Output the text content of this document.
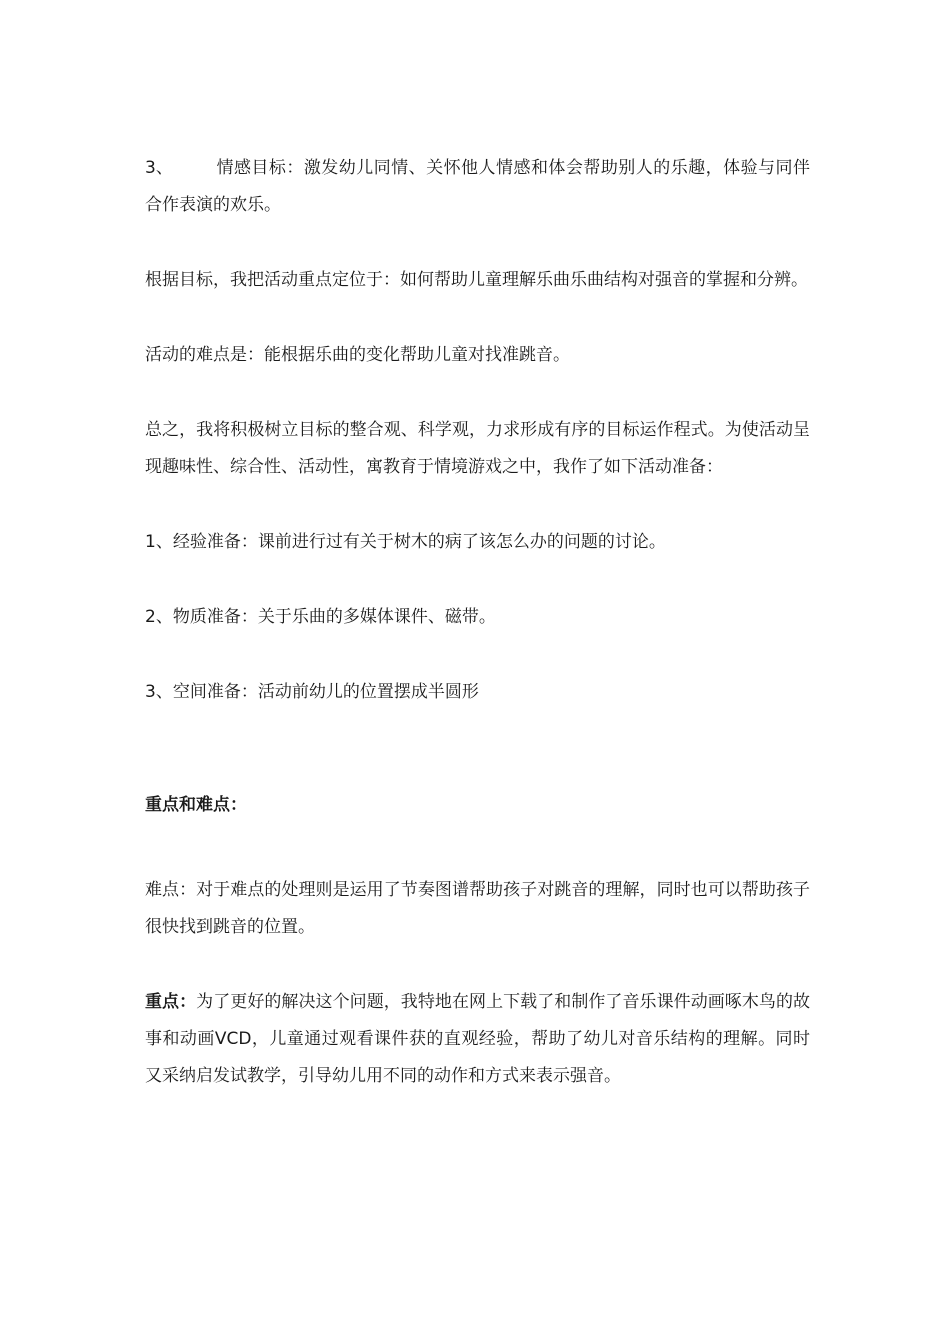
3、	情感目标：激发幼儿同情、关怀他人情感和体会帮助别人的乐趣，体验与同伴合作表演的欢乐。

根据目标，我把活动重点定位于：如何帮助儿童理解乐曲乐曲结构对强音的掌握和分辨。

活动的难点是：能根据乐曲的变化帮助儿童对找准跳音。

总之，我将积极树立目标的整合观、科学观，力求形成有序的目标运作程式。为使活动呈现趣味性、综合性、活动性，寓教育于情境游戏之中，我作了如下活动准备：

1、经验准备：课前进行过有关于树木的病了该怎么办的问题的讨论。

2、物质准备：关于乐曲的多媒体课件、磁带。

3、空间准备：活动前幼儿的位置摆成半圆形

重点和难点：

难点：对于难点的处理则是运用了节奏图谱帮助孩子对跳音的理解，同时也可以帮助孩子很快找到跳音的位置。

重点：为了更好的解决这个问题，我特地在网上下载了和制作了音乐课件动画啄木鸟的故事和动画VCD，儿童通过观看课件获的直观经验，帮助了幼儿对音乐结构的理解。同时又采纳启发试教学，引导幼儿用不同的动作和方式来表示强音。
